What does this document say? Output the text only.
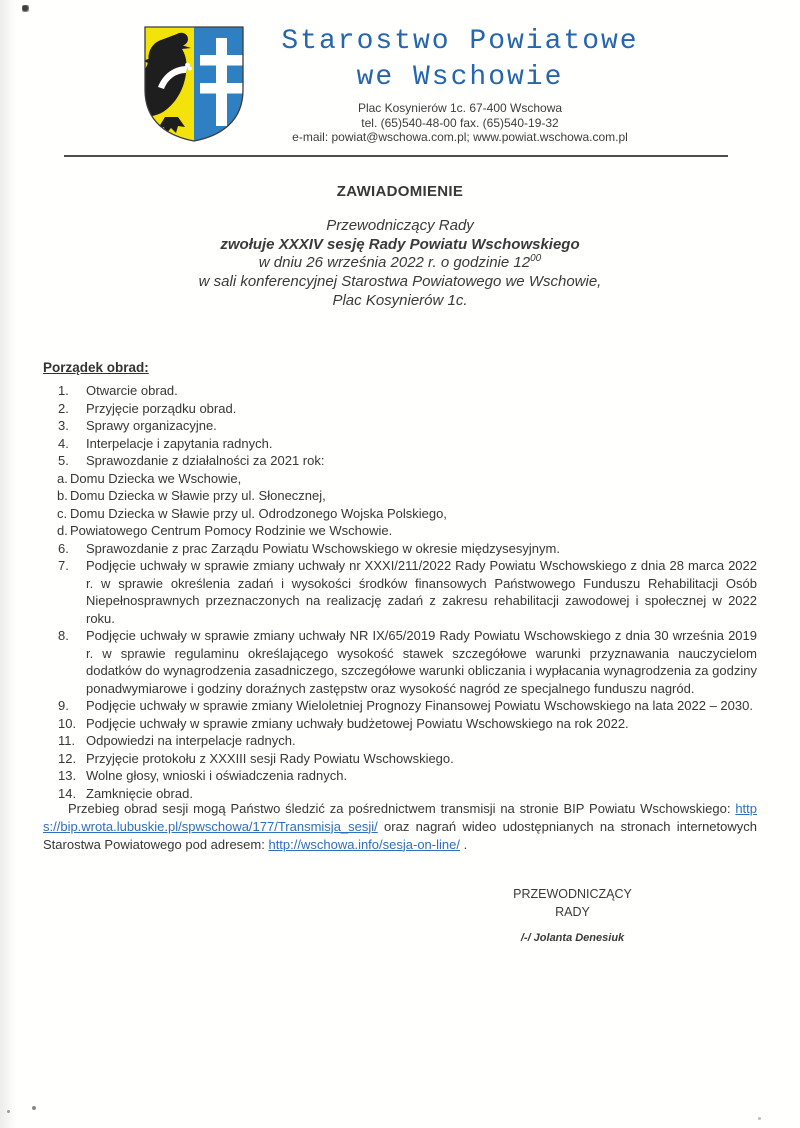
Starostwo Powiatowe
we Wschowie
Plac Kosynierów 1c. 67-400 Wschowa
tel. (65)540-48-00 fax. (65)540-19-32
e-mail: powiat@wschowa.com.pl; www.powiat.wschowa.com.pl
ZAWIADOMIENIE
Przewodniczący Rady
zwołuje XXXIV sesję Rady Powiatu Wschowskiego
w dniu 26 września 2022 r. o godzinie $12^{00}$
w sali konferencyjnej Starostwa Powiatowego we Wschowie,
Plac Kosynierów 1c.
Porządek obrad:
1.	Otwarcie obrad.
2.	Przyjęcie porządku obrad.
3.	Sprawy organizacyjne.
4.	Interpelacje i zapytania radnych.
5.	Sprawozdanie z działalności za 2021 rok:
a. Domu Dziecka we Wschowie,
b. Domu Dziecka w Sławie przy ul. Słonecznej,
c. Domu Dziecka w Sławie przy ul. Odrodzonego Wojska Polskiego,
d. Powiatowego Centrum Pomocy Rodzinie we Wschowie.
6.	Sprawozdanie z prac Zarządu Powiatu Wschowskiego w okresie międzysesyjnym.
7.	Podjęcie uchwały w sprawie zmiany uchwały nr XXXI/211/2022 Rady Powiatu Wschowskiego z dnia 28 marca 2022 r. w sprawie określenia zadań i wysokości środków finansowych Państwowego Funduszu Rehabilitacji Osób Niepełnosprawnych przeznaczonych na realizację zadań z zakresu rehabilitacji zawodowej i społecznej w 2022 roku.
8.	Podjęcie uchwały w sprawie zmiany uchwały NR IX/65/2019 Rady Powiatu Wschowskiego z dnia 30 września 2019 r. w sprawie regulaminu określającego wysokość stawek szczegółowe warunki przyznawania nauczycielom dodatków do wynagrodzenia zasadniczego, szczegółowe warunki obliczania i wypłacania wynagrodzenia za godziny ponadwymiarowe i godziny doraźnych zastępstw oraz wysokość nagród ze specjalnego funduszu nagród.
9.	Podjęcie uchwały w sprawie zmiany Wieloletniej Prognozy Finansowej Powiatu Wschowskiego na lata 2022 – 2030.
10. Podjęcie uchwały w sprawie zmiany uchwały budżetowej Powiatu Wschowskiego na rok 2022.
11. Odpowiedzi na interpelacje radnych.
12. Przyjęcie protokołu z XXXIII sesji Rady Powiatu Wschowskiego.
13. Wolne głosy, wnioski i oświadczenia radnych.
14. Zamknięcie obrad.

Przebieg obrad sesji mogą Państwo śledzić za pośrednictwem transmisji na stronie BIP Powiatu Wschowskiego: https://bip.wrota.lubuskie.pl/spwschowa/177/Transmisja_sesji/ oraz nagrań wideo udostępnianych na stronach internetowych Starostwa Powiatowego pod adresem: http://wschowa.info/sesja-on-line/ .

PRZEWODNICZĄCY
RADY
/-/ Jolanta Denesiuk
